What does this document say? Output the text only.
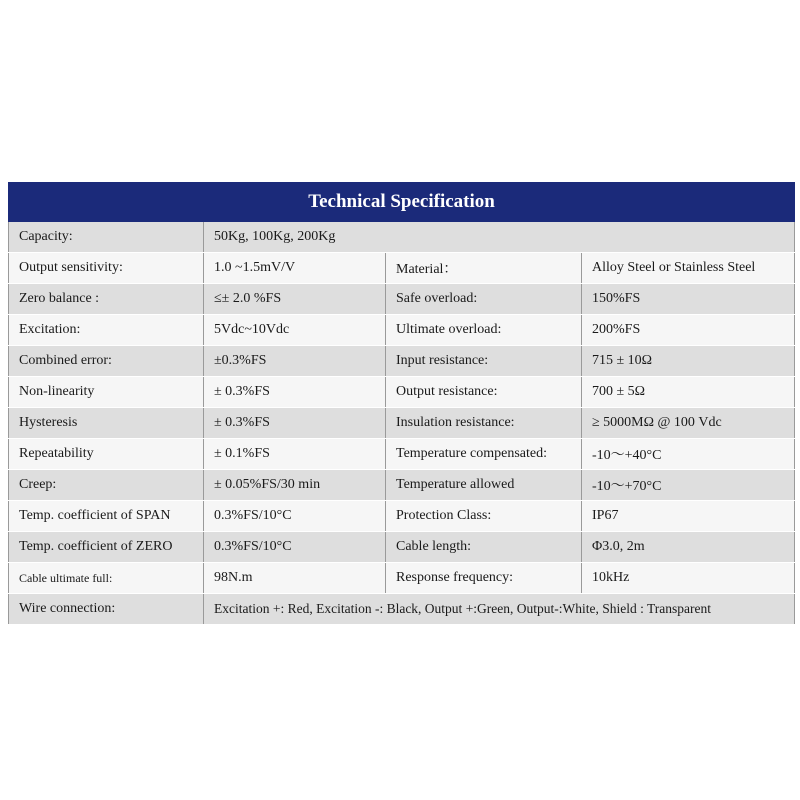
Technical Specification			
Capacity:	50Kg, 100Kg, 200Kg		
Output sensitivity:	1.0 ~1.5mV/V	Material：	Alloy Steel or Stainless Steel
Zero balance :	≤± 2.0 %FS	Safe overload:	150%FS
Excitation:	5Vdc~10Vdc	Ultimate overload:	200%FS
Combined error:	±0.3%FS	Input resistance:	715 ± 10Ω
Non-linearity	± 0.3%FS	Output resistance:	700 ± 5Ω
Hysteresis	± 0.3%FS	Insulation resistance:	≥ 5000MΩ @ 100 Vdc
Repeatability	± 0.1%FS	Temperature compensated:	-10～+40°C
Creep:	± 0.05%FS/30 min	Temperature allowed	-10～+70°C
Temp. coefficient of SPAN	0.3%FS/10°C	Protection Class:	IP67
Temp. coefficient of ZERO	0.3%FS/10°C	Cable length:	Φ3.0, 2m
Cable ultimate full:	98N.m	Response frequency:	10kHz
Wire connection:	Excitation +: Red, Excitation -: Black, Output +:Green, Output-:White, Shield : Transparent		
